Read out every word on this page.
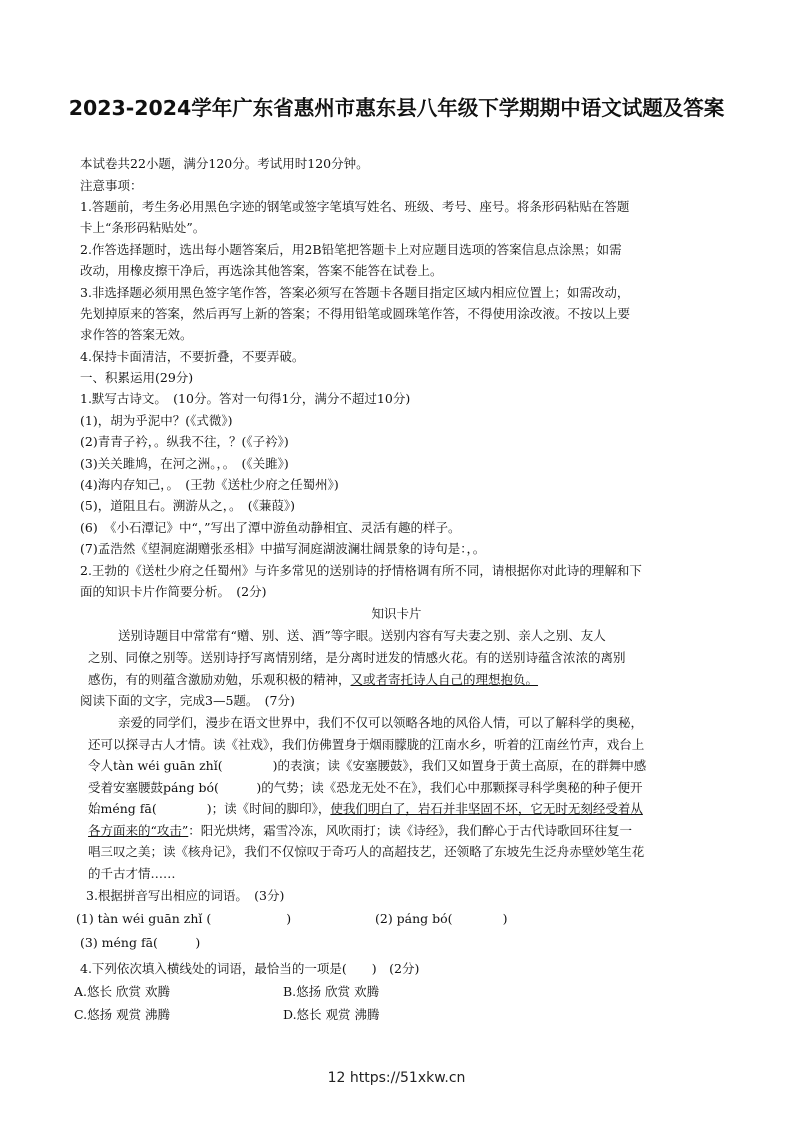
2023-2024学年广东省惠州市惠东县八年级下学期期中语文试题及答案
本试卷共22小题，满分120分。考试用时120分钟。
注意事项：
1.答题前，考生务必用黑色字迹的钢笔或签字笔填写姓名、班级、考号、座号。将条形码粘贴在答题
卡上“条形码粘贴处”。
2.作答选择题时，选出每小题答案后，用2B铅笔把答题卡上对应题目选项的答案信息点涂黑；如需
改动，用橡皮擦干净后，再选涂其他答案，答案不能答在试卷上。
3.非选择题必须用黑色签字笔作答，答案必须写在答题卡各题目指定区域内相应位置上；如需改动，
先划掉原来的答案，然后再写上新的答案；不得用铅笔或圆珠笔作答，不得使用涂改液。不按以上要
求作答的答案无效。
4.保持卡面清洁，不要折叠，不要弄破。
一、积累运用(29分)
1.默写古诗文。　(10分。答对一句得1分，满分不超过10分)
(1)，胡为乎泥中？(《式微》)
(2)青青子衿，。纵我不往，？(《子衿》)
(3)关关雎鸠，在河之洲。，。　(《关雎》)
(4)海内存知己，。　(王勃《送杜少府之任蜀州》)
(5)，道阻且右。溯游从之，。　(《蒹葭》)
(6)　《小石潭记》中“，”写出了潭中游鱼动静相宜、灵活有趣的样子。
(7)孟浩然《望洞庭湖赠张丞相》中描写洞庭湖波澜壮阔景象的诗句是：，。
2.王勃的《送杜少府之任蜀州》与许多常见的送别诗的抒情格调有所不同，请根据你对此诗的理解和下
面的知识卡片作简要分析。　(2分)
知识卡片
送别诗题目中常常有“赠、别、送、酒”等字眼。送别内容有写夫妻之别、亲人之别、友人
之别、同僚之别等。送别诗抒写离情别绪，是分离时迸发的情感火花。有的送别诗蕴含浓浓的离别
感伤，有的则蕴含激励劝勉，乐观积极的精神，又或者寄托诗人自己的理想抱负。
阅读下面的文字，完成3—5题。　(7分)
亲爱的同学们，漫步在语文世界中，我们不仅可以领略各地的风俗人情，可以了解科学的奥秘，
还可以探寻古人才情。读《社戏》，我们仿佛置身于烟雨朦胧的江南水乡，听着的江南丝竹声，戏台上
令人tàn wéi guān zhǐ(　　　　)的表演；读《安塞腰鼓》，我们又如置身于黄土高原，在的群舞中感
受着安塞腰鼓páng bó(　　　)的气势；读《恐龙无处不在》，我们心中那颗探寻科学奥秘的种子便开
始méng fā(　　　　)；读《时间的脚印》，使我们明白了，岩石并非坚固不坏，它无时无刻经受着从
各方面来的“攻击”：阳光烘烤，霜雪冷冻，风吹雨打；读《诗经》，我们醉心于古代诗歌回环往复一
唱三叹之美；读《核舟记》，我们不仅惊叹于奇巧人的高超技艺，还领略了东坡先生泛舟赤壁妙笔生花
的千古才情……
3.根据拼音写出相应的词语。　(3分)
(1) tàn wéi guān zhǐ (　　　　　　)	(2) páng bó(　　　　)
(3) méng fā(　　　)
4.下列依次填入横线处的词语，最恰当的一项是(　　)　(2分)
A.悠长 欣赏 欢腾	B.悠扬 欣赏 欢腾
C.悠扬 观赏 沸腾	D.悠长 观赏 沸腾
12 https://51xkw.cn
